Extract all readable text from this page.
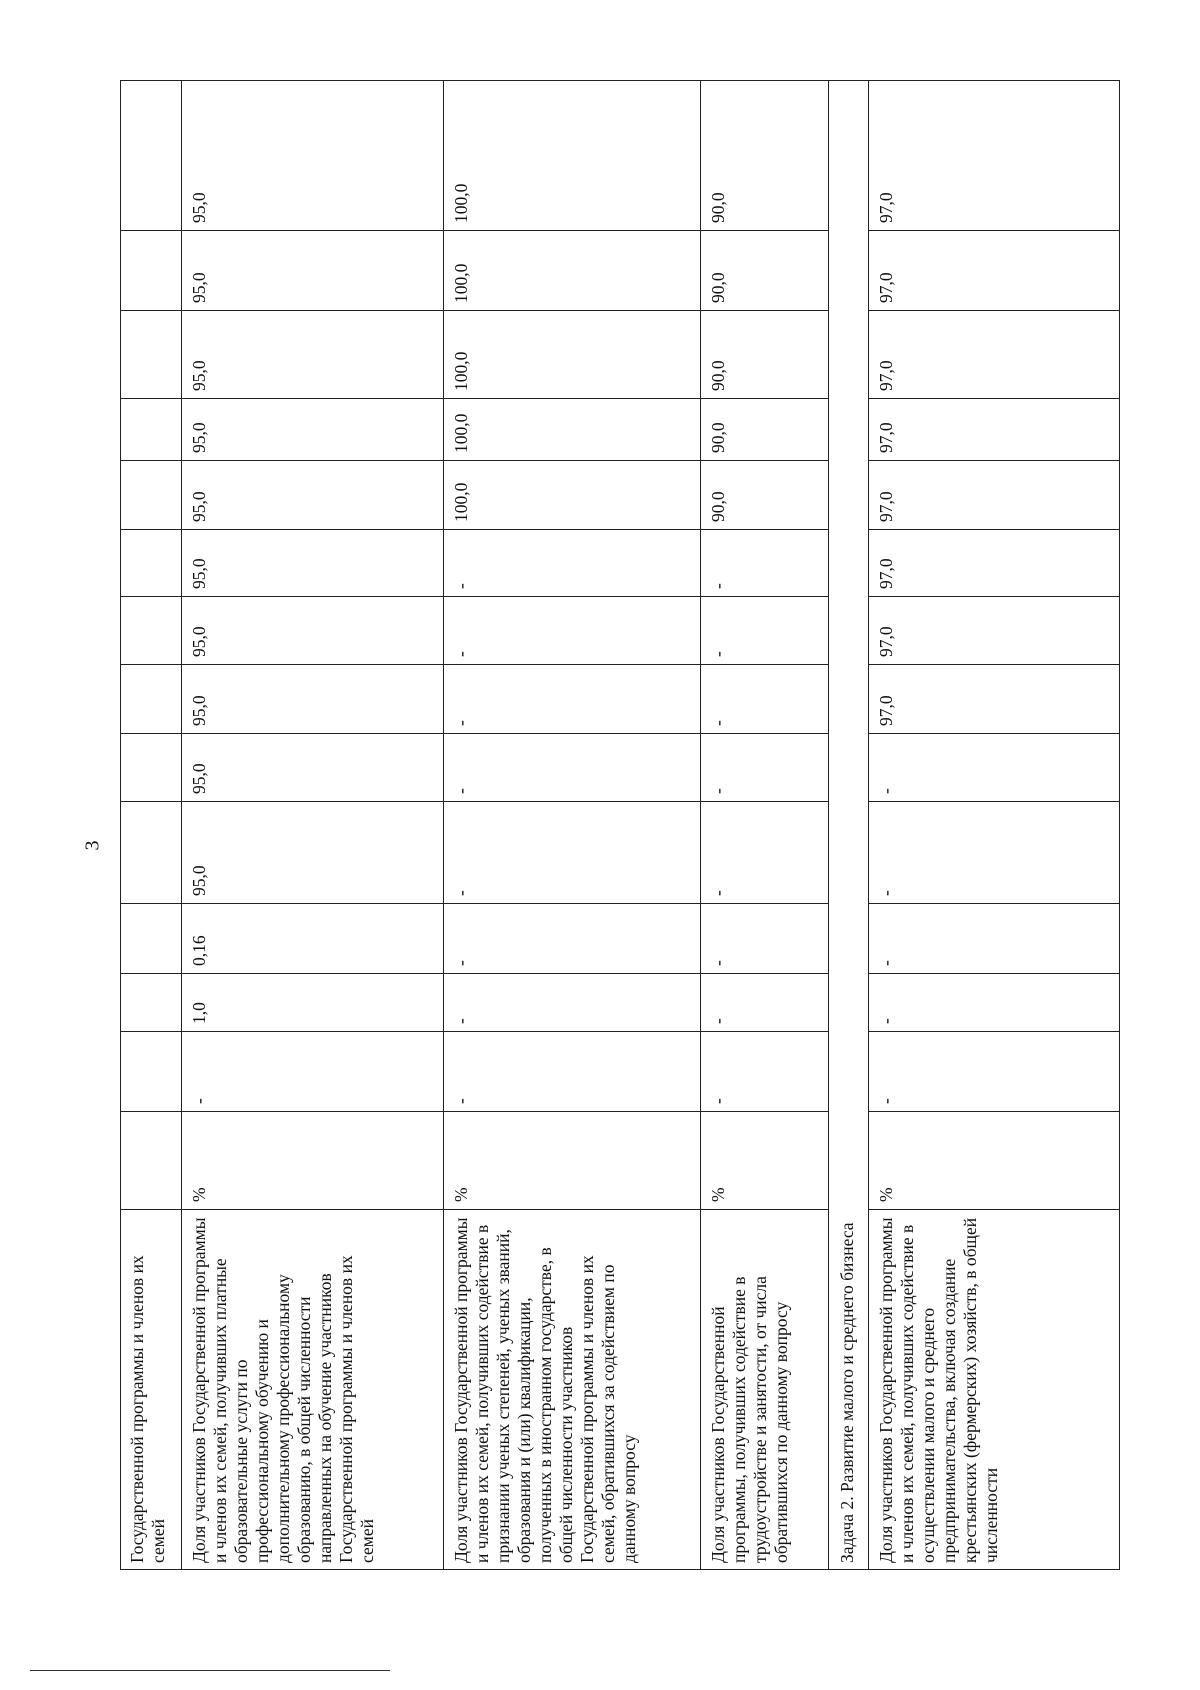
3
Государственной программы и членов их семей	Доля участников Государственной программы и членов их семей, получивших платные образовательные услуги по профессиональному обучению и дополнительному профессиональному образованию, в общей численности направленных на обучение участников Государственной программы и членов их семей
%
-
1,0
0,16
95,0
95,0
95,0
95,0
95,0
95,0
95,0
95,0
95,0
95,0
Доля участников Государственной программы и членов их семей, получивших содействие в признании ученых степеней, ученых званий, образования и (или) квалификации, полученных в иностранном государстве, в общей численности участников Государственной программы и членов их семей, обратившихся за содействием по данному вопросу
%
-
-
-
-
-
-
-
-
100,0
100,0
100,0
100,0
100,0
Доля участников Государственной программы, получивших содействие в трудоустройстве и занятости, от числа обратившихся по данному вопросу
%
-
-
-
-
-
-
-
-
90,0
90,0
90,0
90,0
90,0
Задача 2. Развитие малого и среднего бизнеса	Доля участников Государственной программы и членов их семей, получивших содействие в осуществлении малого и среднего предпринимательства, включая создание крестьянских (фермерских) хозяйств, в общей численности
%
-
-
-
-
-
97,0
97,0
97,0
97,0
97,0
97,0
97,0
97,0
